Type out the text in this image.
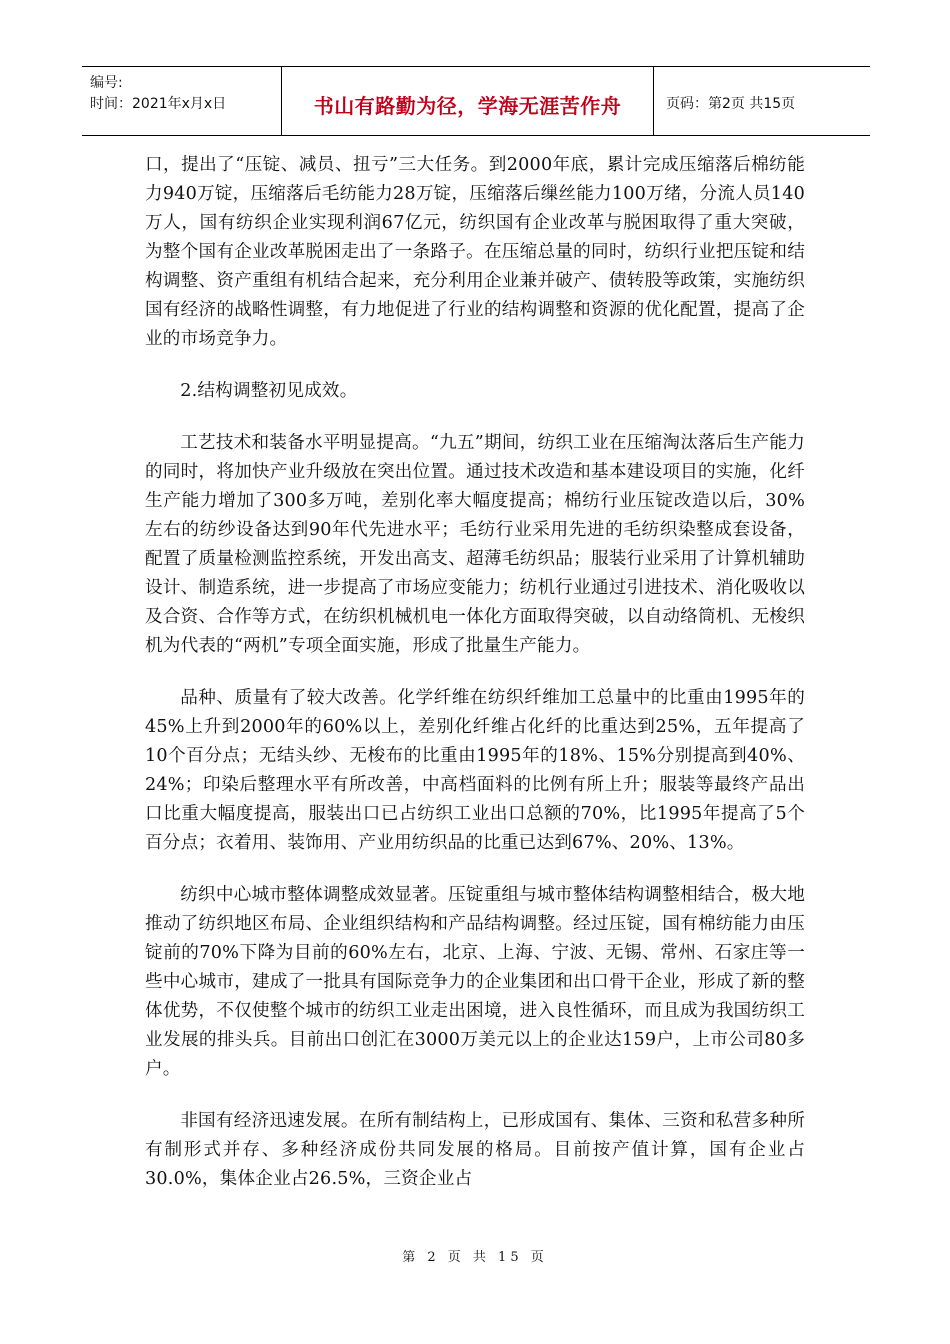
编号:
时间：2021年x月x日	书山有路勤为径，学海无涯苦作舟	页码：第2页 共15页

口，提出了“压锭、减员、扭亏”三大任务。到2000年底，累计完成压缩落后棉纺能力940万锭，压缩落后毛纺能力28万锭，压缩落后缫丝能力100万绪，分流人员140万人，国有纺织企业实现利润67亿元，纺织国有企业改革与脱困取得了重大突破，为整个国有企业改革脱困走出了一条路子。在压缩总量的同时，纺织行业把压锭和结构调整、资产重组有机结合起来，充分利用企业兼并破产、债转股等政策，实施纺织国有经济的战略性调整，有力地促进了行业的结构调整和资源的优化配置，提高了企业的市场竞争力。

2.结构调整初见成效。

工艺技术和装备水平明显提高。“九五”期间，纺织工业在压缩淘汰落后生产能力的同时，将加快产业升级放在突出位置。通过技术改造和基本建设项目的实施，化纤生产能力增加了300多万吨，差别化率大幅度提高；棉纺行业压锭改造以后，30%左右的纺纱设备达到90年代先进水平；毛纺行业采用先进的毛纺织染整成套设备，配置了质量检测监控系统，开发出高支、超薄毛纺织品；服装行业采用了计算机辅助设计、制造系统，进一步提高了市场应变能力；纺机行业通过引进技术、消化吸收以及合资、合作等方式，在纺织机械机电一体化方面取得突破，以自动络筒机、无梭织机为代表的“两机”专项全面实施，形成了批量生产能力。

品种、质量有了较大改善。化学纤维在纺织纤维加工总量中的比重由1995年的45%上升到2000年的60%以上，差别化纤维占化纤的比重达到25%，五年提高了10个百分点；无结头纱、无梭布的比重由1995年的18%、15%分别提高到40%、24%；印染后整理水平有所改善，中高档面料的比例有所上升；服装等最终产品出口比重大幅度提高，服装出口已占纺织工业出口总额的70%，比1995年提高了5个百分点；衣着用、装饰用、产业用纺织品的比重已达到67%、20%、13%。

纺织中心城市整体调整成效显著。压锭重组与城市整体结构调整相结合，极大地推动了纺织地区布局、企业组织结构和产品结构调整。经过压锭，国有棉纺能力由压锭前的70%下降为目前的60%左右，北京、上海、宁波、无锡、常州、石家庄等一些中心城市，建成了一批具有国际竞争力的企业集团和出口骨干企业，形成了新的整体优势，不仅使整个城市的纺织工业走出困境，进入良性循环，而且成为我国纺织工业发展的排头兵。目前出口创汇在3000万美元以上的企业达159户，上市公司80多户。

非国有经济迅速发展。在所有制结构上，已形成国有、集体、三资和私营多种所有制形式并存、多种经济成份共同发展的格局。目前按产值计算，国有企业占30.0%，集体企业占26.5%，三资企业占

第 2 页 共 15 页
